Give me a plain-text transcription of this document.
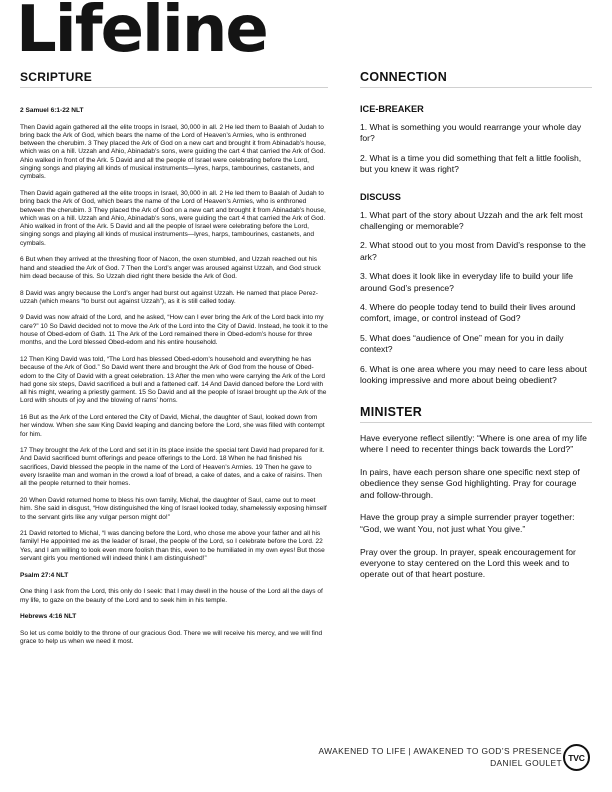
Lifeline
SCRIPTURE

2 Samuel 6:1-22 NLT

Then David again gathered all the elite troops in Israel, 30,000 in all. 2 He led them to Baalah of Judah to bring back the Ark of God, which bears the name of the Lord of Heaven’s Armies, who is enthroned between the cherubim. 3 They placed the Ark of God on a new cart and brought it from Abinadab’s house, which was on a hill. Uzzah and Ahio, Abinadab’s sons, were guiding the cart 4 that carried the Ark of God. Ahio walked in front of the Ark. 5 David and all the people of Israel were celebrating before the Lord, singing songs and playing all kinds of musical instruments—lyres, harps, tambourines, castanets, and cymbals.

Then David again gathered all the elite troops in Israel, 30,000 in all. 2 He led them to Baalah of Judah to bring back the Ark of God, which bears the name of the Lord of Heaven’s Armies, who is enthroned between the cherubim. 3 They placed the Ark of God on a new cart and brought it from Abinadab’s house, which was on a hill. Uzzah and Ahio, Abinadab’s sons, were guiding the cart 4 that carried the Ark of God. Ahio walked in front of the Ark. 5 David and all the people of Israel were celebrating before the Lord, singing songs and playing all kinds of musical instruments—lyres, harps, tambourines, castanets, and cymbals.

6 But when they arrived at the threshing floor of Nacon, the oxen stumbled, and Uzzah reached out his hand and steadied the Ark of God. 7 Then the Lord’s anger was aroused against Uzzah, and God struck him dead because of this. So Uzzah died right there beside the Ark of God.

8 David was angry because the Lord’s anger had burst out against Uzzah. He named that place Perez-uzzah (which means “to burst out against Uzzah”), as it is still called today.

9 David was now afraid of the Lord, and he asked, “How can I ever bring the Ark of the Lord back into my care?” 10 So David decided not to move the Ark of the Lord into the City of David. Instead, he took it to the house of Obed-edom of Gath. 11 The Ark of the Lord remained there in Obed-edom’s house for three months, and the Lord blessed Obed-edom and his entire household.

12 Then King David was told, “The Lord has blessed Obed-edom’s household and everything he has because of the Ark of God.” So David went there and brought the Ark of God from the house of Obed-edom to the City of David with a great celebration. 13 After the men who were carrying the Ark of the Lord had gone six steps, David sacrificed a bull and a fattened calf. 14 And David danced before the Lord with all his might, wearing a priestly garment. 15 So David and all the people of Israel brought up the Ark of the Lord with shouts of joy and the blowing of rams’ horns.

16 But as the Ark of the Lord entered the City of David, Michal, the daughter of Saul, looked down from her window. When she saw King David leaping and dancing before the Lord, she was filled with contempt for him.

17 They brought the Ark of the Lord and set it in its place inside the special tent David had prepared for it. And David sacrificed burnt offerings and peace offerings to the Lord. 18 When he had finished his sacrifices, David blessed the people in the name of the Lord of Heaven’s Armies. 19 Then he gave to every Israelite man and woman in the crowd a loaf of bread, a cake of dates, and a cake of raisins. Then all the people returned to their homes.

20 When David returned home to bless his own family, Michal, the daughter of Saul, came out to meet him. She said in disgust, “How distinguished the king of Israel looked today, shamelessly exposing himself to the servant girls like any vulgar person might do!”

21 David retorted to Michal, “I was dancing before the Lord, who chose me above your father and all his family! He appointed me as the leader of Israel, the people of the Lord, so I celebrate before the Lord. 22 Yes, and I am willing to look even more foolish than this, even to be humiliated in my own eyes! But those servant girls you mentioned will indeed think I am distinguished!”

Psalm 27:4 NLT

One thing I ask from the Lord, this only do I seek: that I may dwell in the house of the Lord all the days of my life, to gaze on the beauty of the Lord and to seek him in his temple.

Hebrews 4:16 NLT

So let us come boldly to the throne of our gracious God. There we will receive his mercy, and we will find grace to help us when we need it most.

CONNECTION
ICE-BREAKER

1. What is something you would rearrange your whole day for?

2. What is a time you did something that felt a little foolish, but you knew it was right?

DISCUSS

1. What part of the story about Uzzah and the ark felt most challenging or memorable?

2. What stood out to you most from David’s response to the ark?

3. What does it look like in everyday life to build your life around God’s presence?

4. Where do people today tend to build their lives around comfort, image, or control instead of God?

5. What does “audience of One” mean for you in daily context?

6. What is one area where you may need to care less about looking impressive and more about being obedient?

MINISTER

Have everyone reflect silently: “Where is one area of my life where I need to recenter things back towards the Lord?”

In pairs, have each person share one specific next step of obedience they sense God highlighting. Pray for courage and follow-through.

Have the group pray a simple surrender prayer together: “God, we want You, not just what You give.”

Pray over the group. In prayer, speak encouragement for everyone to stay centered on the Lord this week and to operate out of that heart posture.

AWAKENED TO LIFE | AWAKENED TO GOD’S PRESENCE
DANIEL GOULET TVC
